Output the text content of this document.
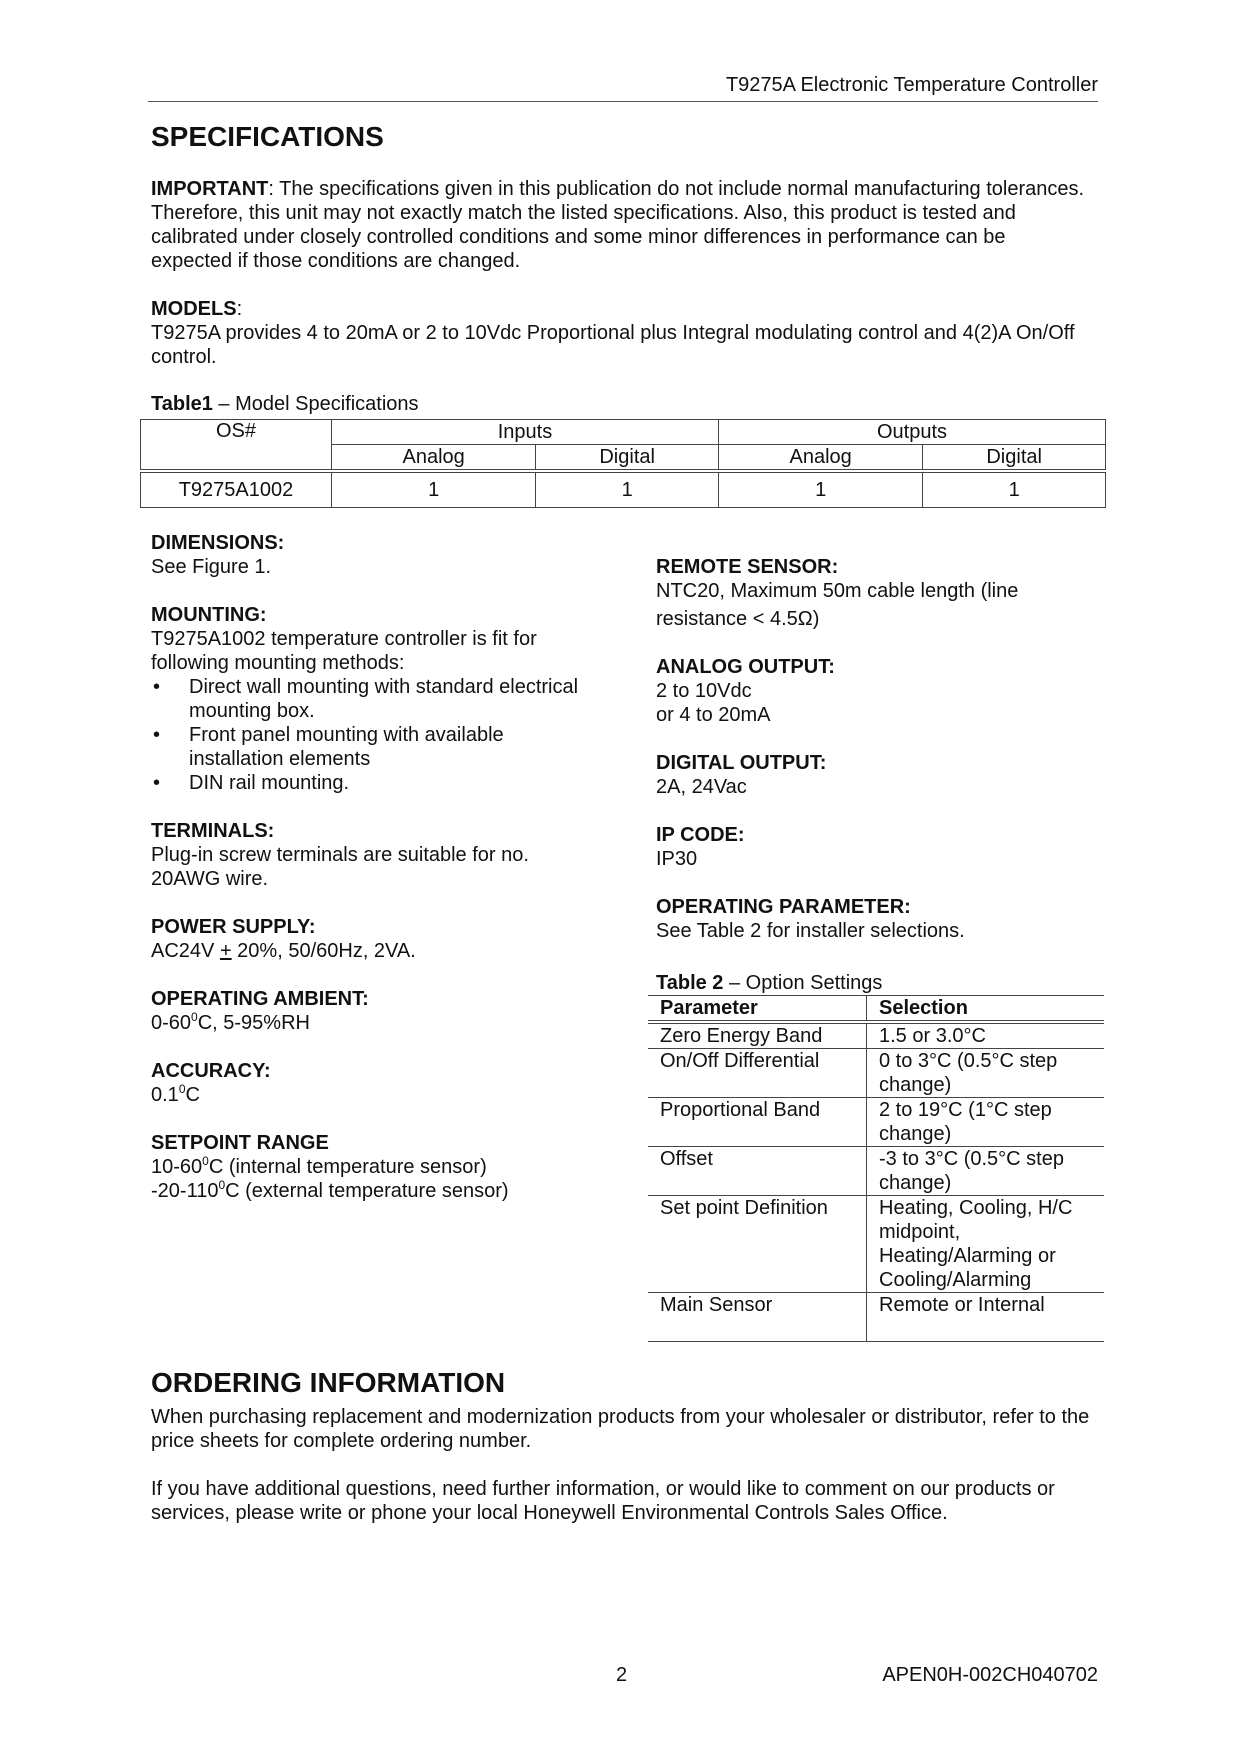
T9275A Electronic Temperature Controller
SPECIFICATIONS

IMPORTANT: The specifications given in this publication do not include normal manufacturing tolerances. Therefore, this unit may not exactly match the listed specifications. Also, this product is tested and calibrated under closely controlled conditions and some minor differences in performance can be expected if those conditions are changed.

MODELS:
T9275A provides 4 to 20mA or 2 to 10Vdc Proportional plus Integral modulating control and 4(2)A On/Off control.

Table1 – Model Specifications

OS#	Inputs		Outputs	
	Analog	Digital	Analog	Digital
T9275A1002	1	1	1	1

DIMENSIONS:

See Figure 1.

MOUNTING:

T9275A1002 temperature controller is fit for following mounting methods:

• Direct wall mounting with standard electrical mounting box.
• Front panel mounting with available installation elements
• DIN rail mounting.

TERMINALS:

Plug-in screw terminals are suitable for no. 20AWG wire.

POWER SUPPLY:

AC24V + 20%, 50/60Hz, 2VA.

OPERATING AMBIENT:

$0-60^0C$, 5-95%RH

ACCURACY:

$0.1^0C$

SETPOINT RANGE

$10-60^0C$ (internal temperature sensor)

$-20-110^0C$ (external temperature sensor)

REMOTE SENSOR:

NTC20, Maximum 50m cable length (line

resistance < 4.5Ω)

ANALOG OUTPUT:

2 to 10Vdc

or 4 to 20mA

DIGITAL OUTPUT:

2A, 24Vac

IP CODE:

IP30

OPERATING PARAMETER:

See Table 2 for installer selections.

Table 2 – Option Settings

Parameter	Selection
Zero Energy Band	1.5 or 3.0°C
On/Off Differential	0 to 3°C (0.5°C step change)
Proportional Band	2 to 19°C (1°C step change)
Offset	-3 to 3°C (0.5°C step change)
Set point Definition	Heating, Cooling, H/C midpoint, Heating/Alarming or Cooling/Alarming
Main Sensor	Remote or Internal
ORDERING INFORMATION

When purchasing replacement and modernization products from your wholesaler or distributor, refer to the price sheets for complete ordering number.

If you have additional questions, need further information, or would like to comment on our products or services, please write or phone your local Honeywell Environmental Controls Sales Office.

2	APEN0H-002CH040702
